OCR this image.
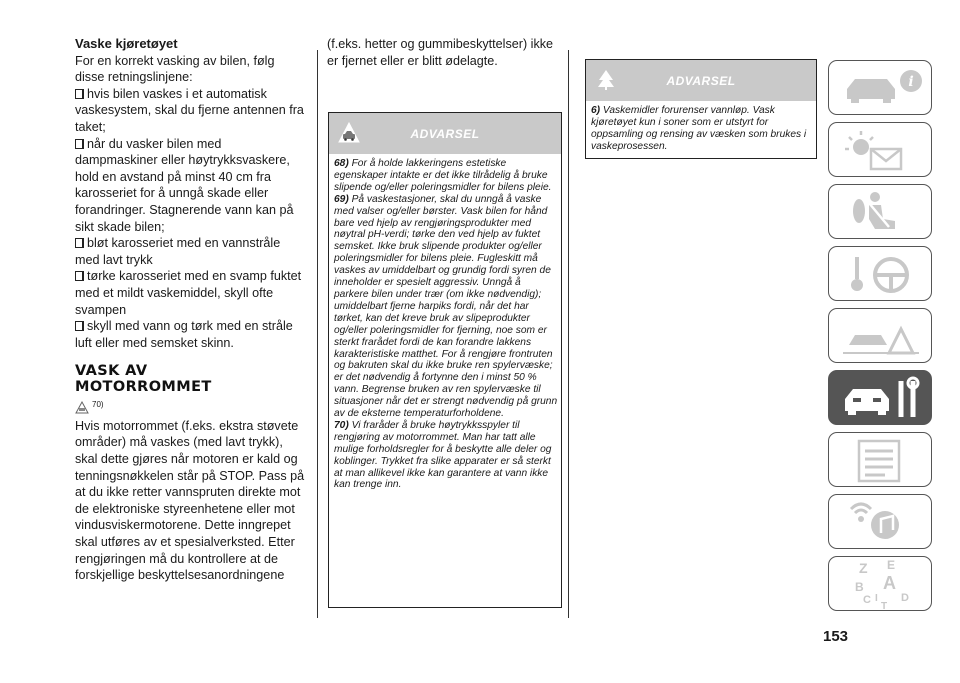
Vaske kjøretøyet
For en korrekt vasking av bilen, følg disse retningslinjene:
hvis bilen vaskes i et automatisk vaskesystem, skal du fjerne antennen fra taket;
når du vasker bilen med dampmaskiner eller høytrykksvaskere, hold en avstand på minst 40 cm fra karosseriet for å unngå skade eller forandringer. Stagnerende vann kan på sikt skade bilen;
bløt karosseriet med en vannstråle med lavt trykk
tørke karosseriet med en svamp fuktet med et mildt vaskemiddel, skyll ofte svampen
skyll med vann og tørk med en stråle luft eller med semsket skinn.
VASK AV
MOTORROMMET
70)
Hvis motorrommet (f.eks. ekstra støvete områder) må vaskes (med lavt trykk), skal dette gjøres når motoren er kald og tenningsnøkkelen står på STOP. Pass på at du ikke retter vannspruten direkte mot de elektroniske styreenhetene eller mot vindusviskermotorene. Dette inngrepet skal utføres av et spesialverksted. Etter rengjøringen må du kontrollere at de forskjellige beskyttelsesanordningene
(f.eks. hetter og gummibeskyttelser) ikke er fjernet eller er blitt ødelagte.
ADVARSEL
68) For å holde lakkeringens estetiske egenskaper intakte er det ikke tilrådelig å bruke slipende og/eller poleringsmidler for bilens pleie.
69) På vaskestasjoner, skal du unngå å vaske med valser og/eller børster. Vask bilen for hånd bare ved hjelp av rengjøringsprodukter med nøytral pH-verdi; tørke den ved hjelp av fuktet semsket. Ikke bruk slipende produkter og/eller poleringsmidler for bilens pleie. Fugleskitt må vaskes av umiddelbart og grundig fordi syren de inneholder er spesielt aggressiv. Unngå å parkere bilen under trær (om ikke nødvendig); umiddelbart fjerne harpiks fordi, når det har tørket, kan det kreve bruk av slipeprodukter og/eller poleringsmidler for fjerning, noe som er sterkt frarådet fordi de kan forandre lakkens karakteristiske matthet. For å rengjøre frontruten og bakruten skal du ikke bruke ren spylervæske; er det nødvendig å fortynne den i minst 50 % vann. Begrense bruken av ren spylervæske til situasjoner når det er strengt nødvendig på grunn av de eksterne temperaturforholdene.
70) Vi fraråder å bruke høytrykksspyler til rengjøring av motorrommet. Man har tatt alle mulige forholdsregler for å beskytte alle deler og koblinger. Trykket fra slike apparater er så sterkt at man allikevel ikke kan garantere at vann ikke kan trenge inn.
ADVARSEL
6) Vaskemidler forurenser vannløp. Vask kjøretøyet kun i soner som er utstyrt for oppsamling og rensing av væsken som brukes i vaskeprosessen.
153
i
Z E
B A
C	D
I
T
